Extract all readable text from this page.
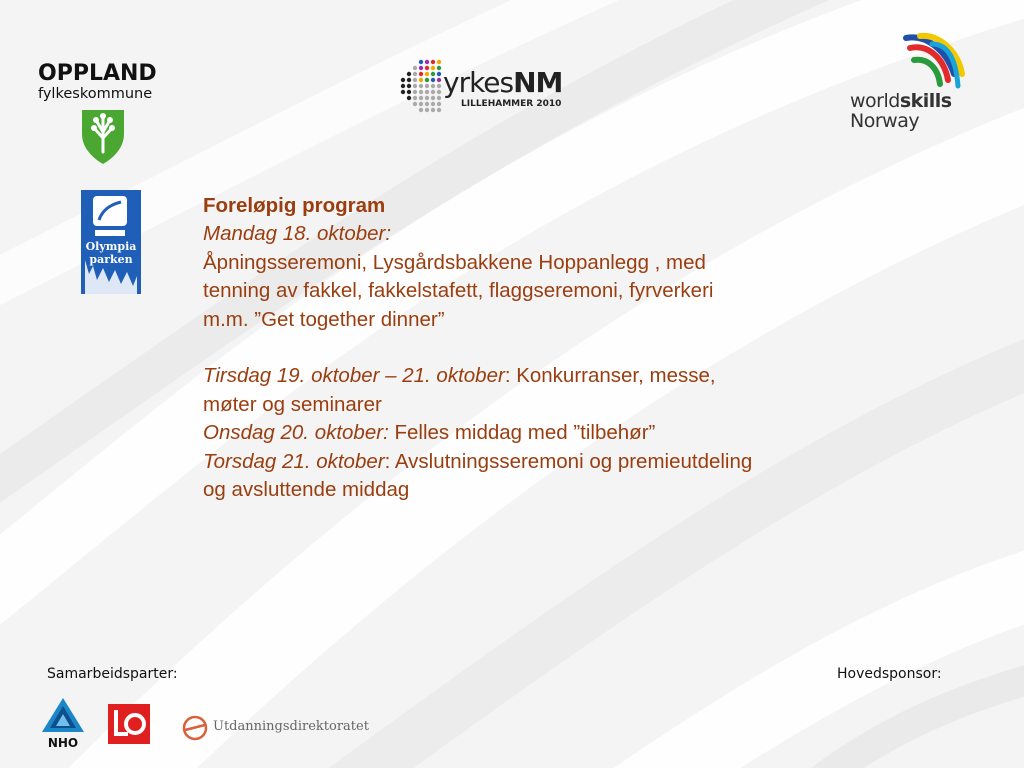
OPPLAND
fylkeskommune	yrkesNM
LILLEHAMMER 2010	worldskills
Norway
Olympia
parken

Foreløpig program

Mandag 18. oktober:

Åpningsseremoni, Lysgårdsbakkene Hoppanlegg , med

tenning av fakkel, fakkelstafett, flaggseremoni, fyrverkeri

m.m. ”Get together dinner”

Tirsdag 19. oktober – 21. oktober: Konkurranser, messe,

møter og seminarer

Onsdag 20. oktober: Felles middag med ”tilbehør”

Torsdag 21. oktober: Avslutningsseremoni og premieutdeling

og avsluttende middag

Samarbeidsparter:	Hovedsponsor:
NHO
Utdanningsdirektoratet
